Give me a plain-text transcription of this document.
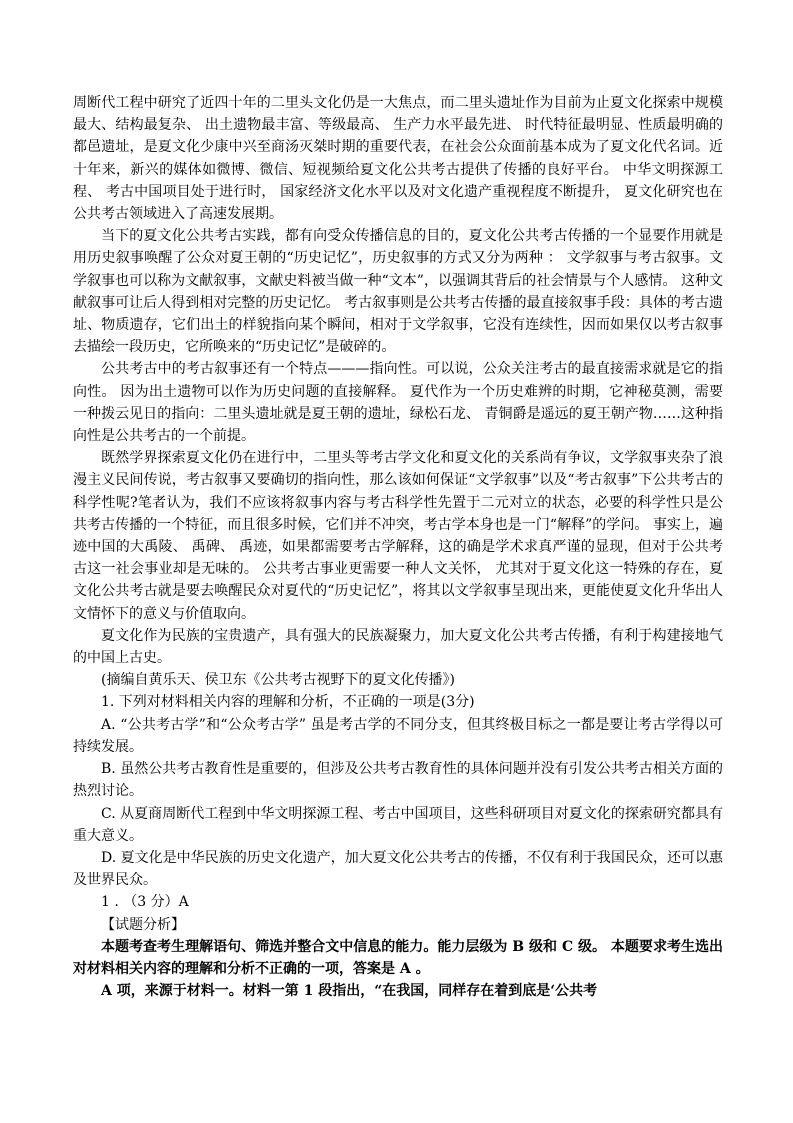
周断代工程中研究了近四十年的二里头文化仍是一大焦点，而二里头遗址作为目前为止夏文化探索中规模最大、结构最复杂、 出土遗物最丰富、等级最高、 生产力水平最先进、 时代特征最明显、性质最明确的都邑遗址，是夏文化少康中兴至商汤灭桀时期的重要代表，在社会公众面前基本成为了夏文化代名词。近十年来，新兴的媒体如微博、微信、短视频给夏文化公共考古提供了传播的良好平台。 中华文明探源工程、 考古中国项目处于进行时， 国家经济文化水平以及对文化遗产重视程度不断提升， 夏文化研究也在公共考古领域进入了高速发展期。

当下的夏文化公共考古实践，都有向受众传播信息的目的，夏文化公共考古传播的一个显要作用就是用历史叙事唤醒了公众对夏王朝的“历史记忆”，历史叙事的方式又分为两种 ： 文学叙事与考古叙事。文学叙事也可以称为文献叙事，文献史料被当做一种“文本”，以强调其背后的社会情景与个人感情。 这种文献叙事可让后人得到相对完整的历史记忆。 考古叙事则是公共考古传播的最直接叙事手段：具体的考古遗址、物质遗存，它们出土的样貌指向某个瞬间，相对于文学叙事，它没有连续性，因而如果仅以考古叙事去描绘一段历史，它所唤来的“历史记忆”是破碎的。

公共考古中的考古叙事还有一个特点———指向性。可以说，公众关注考古的最直接需求就是它的指向性。 因为出土遗物可以作为历史问题的直接解释。 夏代作为一个历史难辨的时期，它神秘莫测，需要一种拨云见日的指向：二里头遗址就是夏王朝的遗址，绿松石龙、 青铜爵是遥远的夏王朝产物……这种指向性是公共考古的一个前提。

既然学界探索夏文化仍在进行中，二里头等考古学文化和夏文化的关系尚有争议，文学叙事夹杂了浪漫主义民间传说，考古叙事又要确切的指向性，那么该如何保证“文学叙事”以及“考古叙事”下公共考古的科学性呢?笔者认为，我们不应该将叙事内容与考古科学性先置于二元对立的状态，必要的科学性只是公共考古传播的一个特征，而且很多时候，它们并不冲突，考古学本身也是一门“解释”的学问。 事实上，遍迹中国的大禹陵、 禹碑、 禹迹，如果都需要考古学解释，这的确是学术求真严谨的显现，但对于公共考古这一社会事业却是无味的。 公共考古事业更需要一种人文关怀， 尤其对于夏文化这一特殊的存在，夏文化公共考古就是要去唤醒民众对夏代的“历史记忆”，将其以文学叙事呈现出来，更能使夏文化升华出人文情怀下的意义与价值取向。

夏文化作为民族的宝贵遗产，具有强大的民族凝聚力，加大夏文化公共考古传播，有利于构建接地气的中国上古史。

(摘编自黄乐天、侯卫东《公共考古视野下的夏文化传播》)

1. 下列对材料相关内容的理解和分析，不正确的一项是(3分)

A. “公共考古学”和“公众考古学” 虽是考古学的不同分支，但其终极目标之一都是要让考古学得以可持续发展。

B. 虽然公共考古教育性是重要的，但涉及公共考古教育性的具体问题并没有引发公共考古相关方面的热烈讨论。

C. 从夏商周断代工程到中华文明探源工程、考古中国项目，这些科研项目对夏文化的探索研究都具有重大意义。

D. 夏文化是中华民族的历史文化遗产，加大夏文化公共考古的传播，不仅有利于我国民众，还可以惠及世界民众。

1 . （3 分）A

【试题分析】

本题考查考生理解语句、筛选并整合文中信息的能力。能力层级为 B 级和 C 级。 本题要求考生选出对材料相关内容的理解和分析不正确的一项，答案是 A 。

A 项，来源于材料一。材料一第 1 段指出，“在我国，同样存在着到底是‘公共考
